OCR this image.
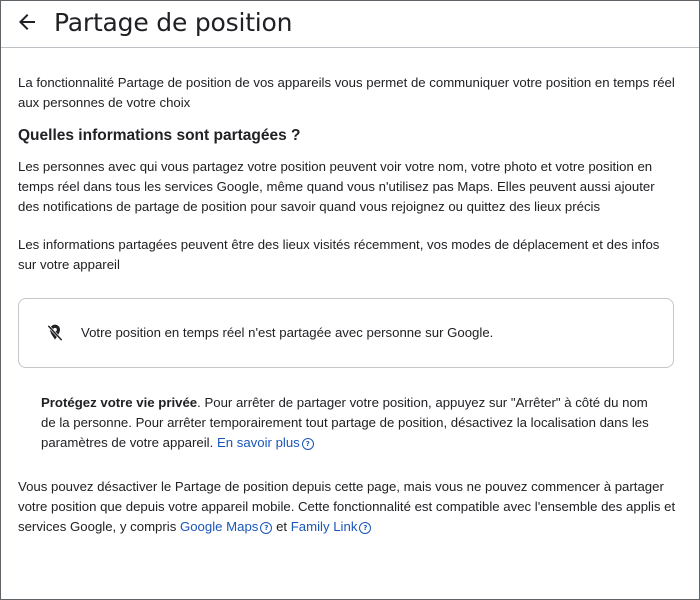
Partage de position

La fonctionnalité Partage de position de vos appareils vous permet de communiquer votre position en temps réel aux personnes de votre choix

Quelles informations sont partagées ?

Les personnes avec qui vous partagez votre position peuvent voir votre nom, votre photo et votre position en temps réel dans tous les services Google, même quand vous n'utilisez pas Maps. Elles peuvent aussi ajouter des notifications de partage de position pour savoir quand vous rejoignez ou quittez des lieux précis

Les informations partagées peuvent être des lieux visités récemment, vos modes de déplacement et des infos sur votre appareil

Votre position en temps réel n'est partagée avec personne sur Google.

Protégez votre vie privée. Pour arrêter de partager votre position, appuyez sur "Arrêter" à côté du nom de la personne. Pour arrêter temporairement tout partage de position, désactivez la localisation dans les paramètres de votre appareil. En savoir plus ?

Vous pouvez désactiver le Partage de position depuis cette page, mais vous ne pouvez commencer à partager votre position que depuis votre appareil mobile. Cette fonctionnalité est compatible avec l'ensemble des applis et services Google, y compris Google Maps ? et Family Link ?
